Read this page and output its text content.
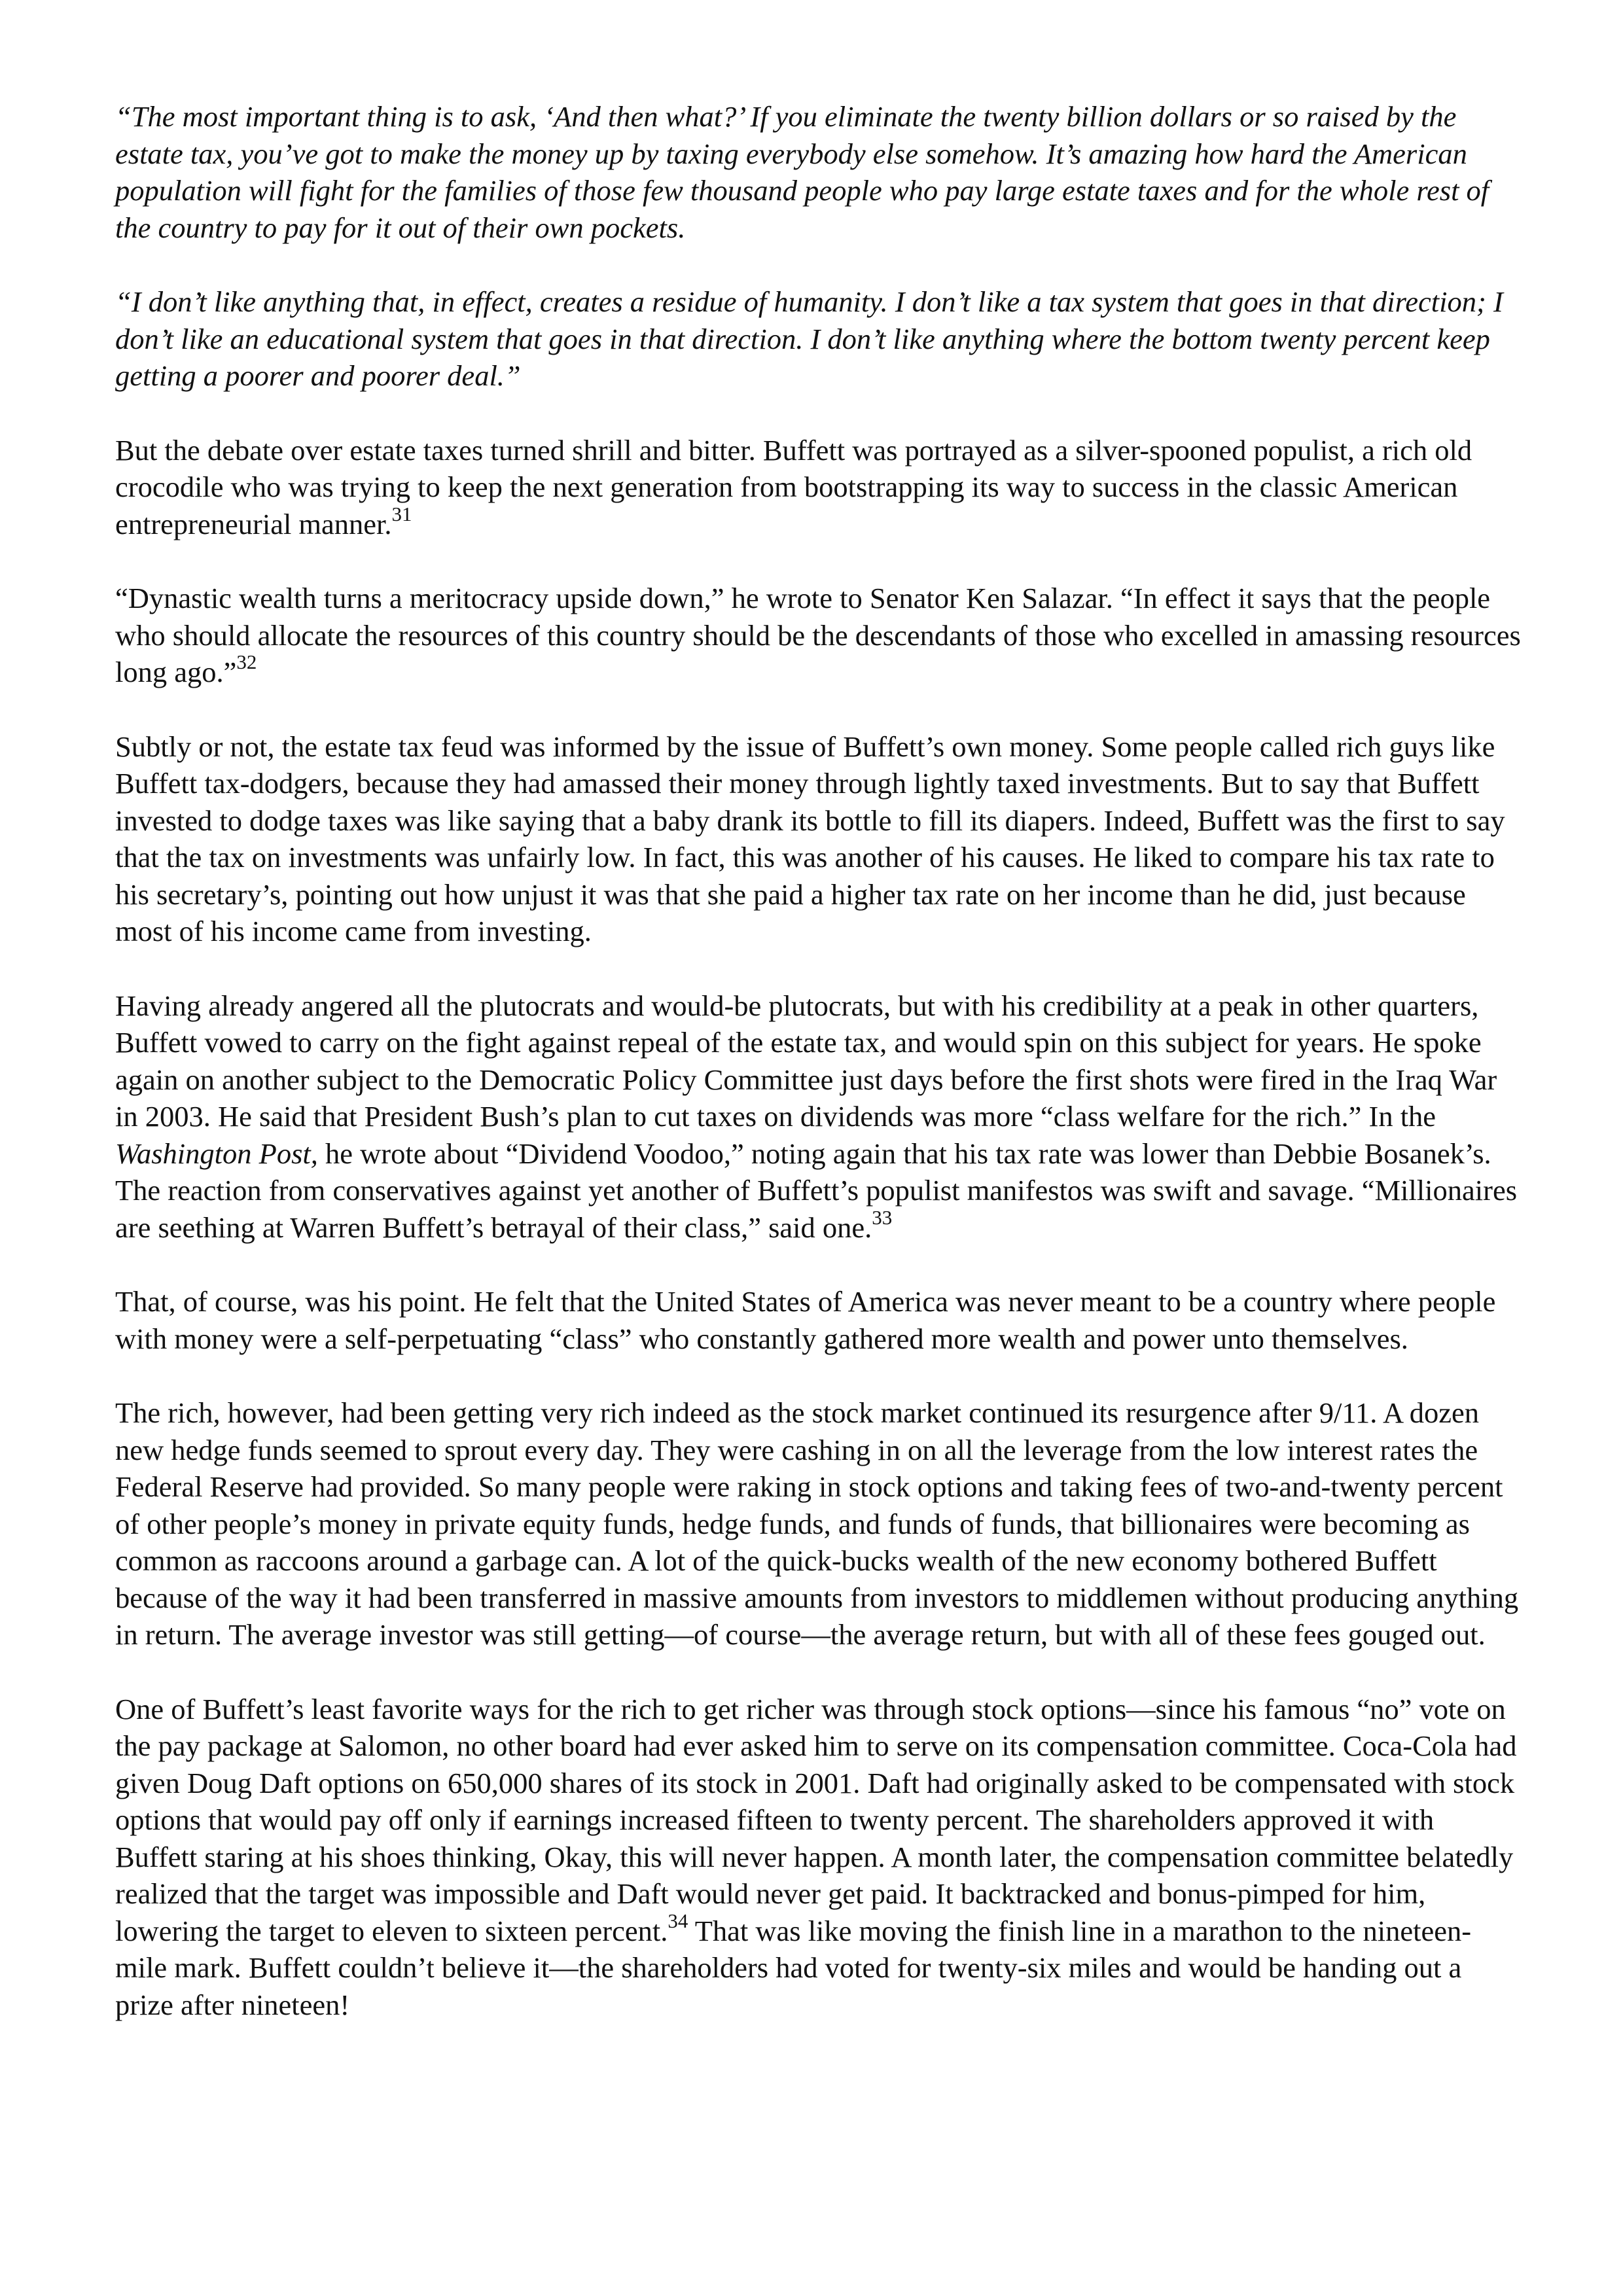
“The most important thing is to ask, ‘And then what?’ If you eliminate the twenty billion dollars or so raised by the estate tax, you’ve got to make the money up by taxing everybody else somehow. It’s amazing how hard the American population will fight for the families of those few thousand people who pay large estate taxes and for the whole rest of the country to pay for it out of their own pockets.

“I don’t like anything that, in effect, creates a residue of humanity. I don’t like a tax system that goes in that direction; I don’t like an educational system that goes in that direction. I don’t like anything where the bottom twenty percent keep getting a poorer and poorer deal.”

But the debate over estate taxes turned shrill and bitter. Buffett was portrayed as a silver-spooned populist, a rich old crocodile who was trying to keep the next generation from bootstrapping its way to success in the classic American entrepreneurial manner.$^{31}$

“Dynastic wealth turns a meritocracy upside down,” he wrote to Senator Ken Salazar. “In effect it says that the people who should allocate the resources of this country should be the descendants of those who excelled in amassing resources long ago.”$^{32}$

Subtly or not, the estate tax feud was informed by the issue of Buffett’s own money. Some people called rich guys like Buffett tax-dodgers, because they had amassed their money through lightly taxed investments. But to say that Buffett invested to dodge taxes was like saying that a baby drank its bottle to fill its diapers. Indeed, Buffett was the first to say that the tax on investments was unfairly low. In fact, this was another of his causes. He liked to compare his tax rate to his secretary’s, pointing out how unjust it was that she paid a higher tax rate on her income than he did, just because most of his income came from investing.

Having already angered all the plutocrats and would-be plutocrats, but with his credibility at a peak in other quarters, Buffett vowed to carry on the fight against repeal of the estate tax, and would spin on this subject for years. He spoke again on another subject to the Democratic Policy Committee just days before the first shots were fired in the Iraq War in 2003. He said that President Bush’s plan to cut taxes on dividends was more “class welfare for the rich.” In the Washington Post, he wrote about “Dividend Voodoo,” noting again that his tax rate was lower than Debbie Bosanek’s. The reaction from conservatives against yet another of Buffett’s populist manifestos was swift and savage. “Millionaires are seething at Warren Buffett’s betrayal of their class,” said one.$^{33}$

That, of course, was his point. He felt that the United States of America was never meant to be a country where people with money were a self-perpetuating “class” who constantly gathered more wealth and power unto themselves.

The rich, however, had been getting very rich indeed as the stock market continued its resurgence after 9/11. A dozen new hedge funds seemed to sprout every day. They were cashing in on all the leverage from the low interest rates the Federal Reserve had provided. So many people were raking in stock options and taking fees of two-and-twenty percent of other people’s money in private equity funds, hedge funds, and funds of funds, that billionaires were becoming as common as raccoons around a garbage can. A lot of the quick-bucks wealth of the new economy bothered Buffett because of the way it had been transferred in massive amounts from investors to middlemen without producing anything in return. The average investor was still getting—of course—the average return, but with all of these fees gouged out.

One of Buffett’s least favorite ways for the rich to get richer was through stock options—since his famous “no” vote on the pay package at Salomon, no other board had ever asked him to serve on its compensation committee. Coca-Cola had given Doug Daft options on 650,000 shares of its stock in 2001. Daft had originally asked to be compensated with stock options that would pay off only if earnings increased fifteen to twenty percent. The shareholders approved it with Buffett staring at his shoes thinking, Okay, this will never happen. A month later, the compensation committee belatedly realized that the target was impossible and Daft would never get paid. It backtracked and bonus-pimped for him, lowering the target to eleven to sixteen percent.$^{34}$ That was like moving the finish line in a marathon to the nineteen-mile mark. Buffett couldn’t believe it—the shareholders had voted for twenty-six miles and would be handing out a prize after nineteen!
